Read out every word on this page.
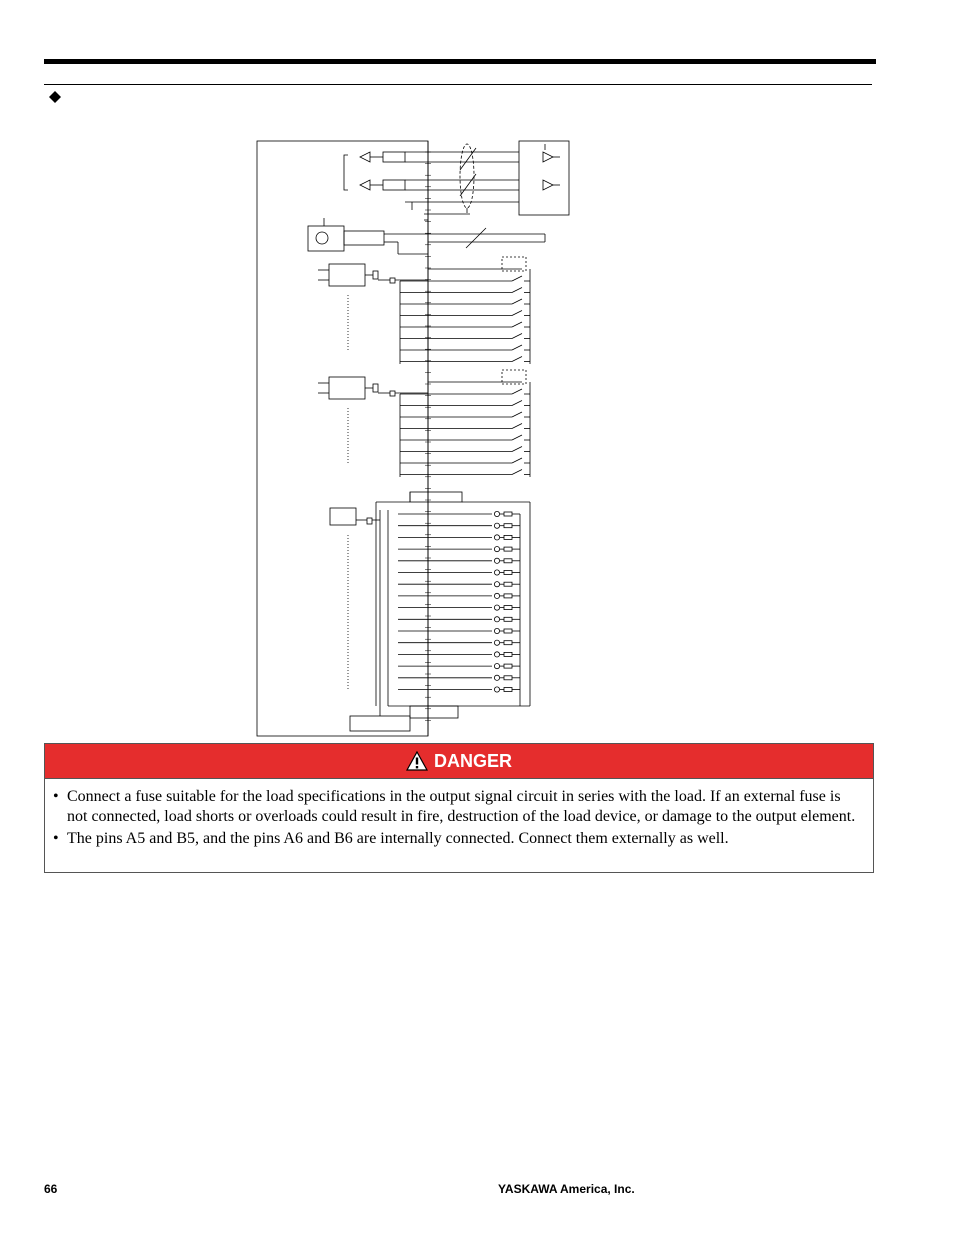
DANGER
• Connect a fuse suitable for the load specifications in the output signal circuit in series with the load. If an external fuse is not connected, load shorts or overloads could result in fire, destruction of the load device, or damage to the output element.
• The pins A5 and B5, and the pins A6 and B6 are internally connected. Connect them externally as well.
66	YASKAWA America, Inc.
